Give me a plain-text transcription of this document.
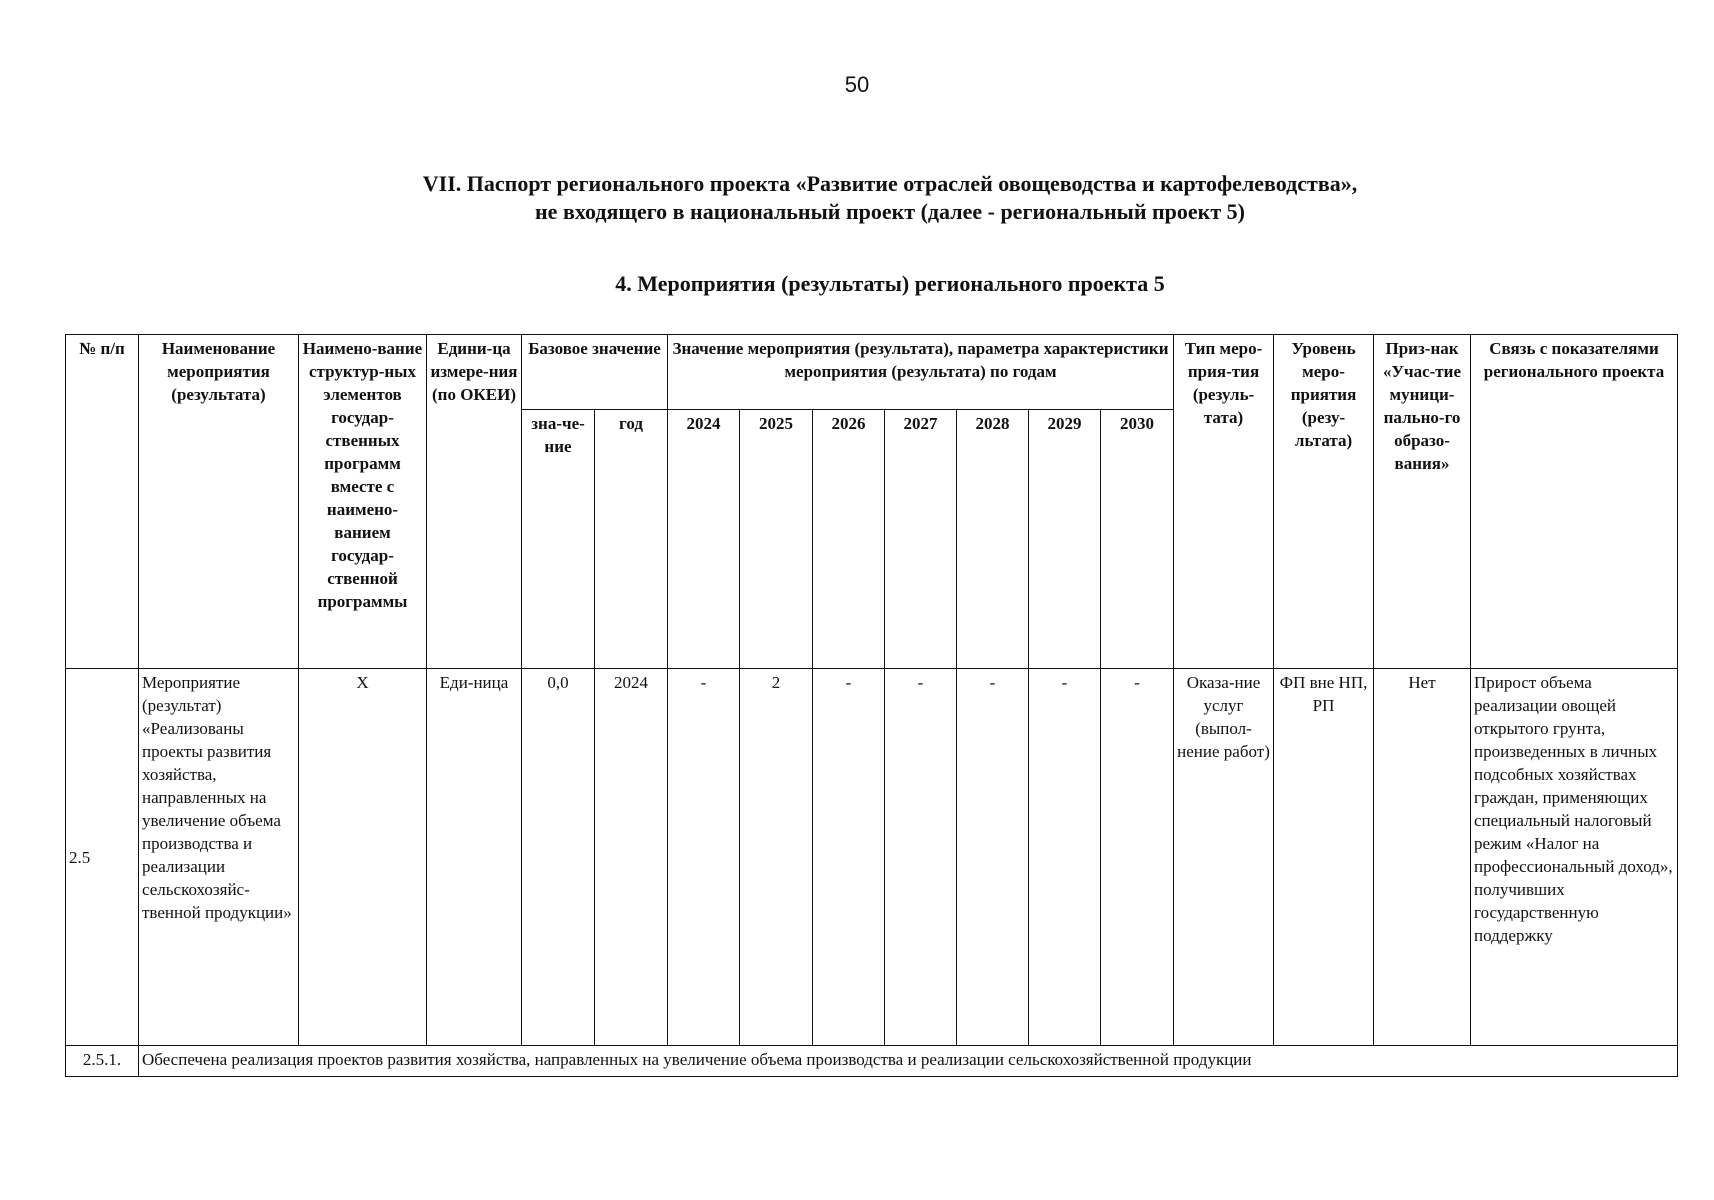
50
VII. Паспорт регионального проекта «Развитие отраслей овощеводства и картофелеводства»,
не входящего в национальный проект (далее - региональный проект 5)
4. Мероприятия (результаты) регионального проекта 5
№ п/п	Наименование мероприятия (результата)	Наимено-вание структур-ных элементов государ-ственных программ вместе с наимено-ванием государ-ственной программы	Едини-ца измере-ния (по ОКЕИ)	Базовое значение		Значение мероприятия (результата), параметра характеристики мероприятия (результата) по годам							Тип меро-прия-тия (резуль-тата)	Уровень меро-приятия (резу-льтата)	Приз-нак «Учас-тие муници-пально-го образо-вания»	Связь с показателями регионального проекта
				зна-че-ние	год	2024	2025	2026	2027	2028	2029	2030				
2.5	Мероприятие (результат) «Реализованы проекты развития хозяйства, направленных на увеличение объема производства и реализации сельскохозяйс-твенной продукции»	X	Еди-ница	0,0	2024	-	2	-	-	-	-	-	Оказа-ние услуг (выпол-нение работ)	ФП вне НП, РП	Нет	Прирост объема реализации овощей открытого грунта, произведенных в личных подсобных хозяйствах граждан, применяющих специальный налоговый режим «Налог на профессиональный доход», получивших государственную поддержку
2.5.1.	Обеспечена реализация проектов развития хозяйства, направленных на увеличение объема производства и реализации сельскохозяйственной продукции															
